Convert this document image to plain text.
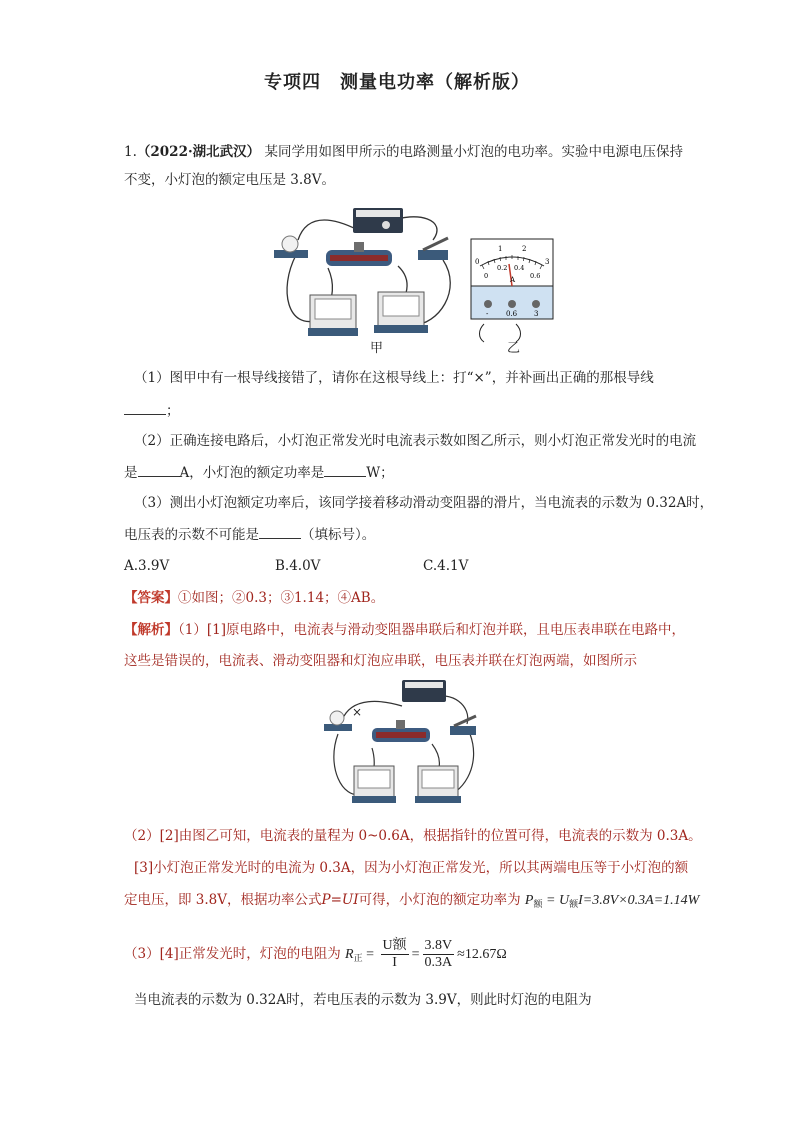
专项四　测量电功率（解析版）
1.（2022·湖北武汉） 某同学用如图甲所示的电路测量小灯泡的电功率。实验中电源电压保持
不变，小灯泡的额定电压是 3.8V。
甲
0
1	2
3
0
0.2 0.4
0.6
A
-	0.6 3
乙
（1）图甲中有一根导线接错了，请你在这根导线上：打“×”，并补画出正确的那根导线
；
（2）正确连接电路后，小灯泡正常发光时电流表示数如图乙所示，则小灯泡正常发光时的电流
是	A，小灯泡的额定功率是	W；
（3）测出小灯泡额定功率后，该同学接着移动滑动变阻器的滑片，当电流表的示数为 0.32A时，
电压表的示数不可能是	（填标号）。
A.3.9V	B.4.0V	C.4.1V
【答案】①如图；②0.3；③1.14；④AB。
【解析】（1）[1]原电路中，电流表与滑动变阻器串联后和灯泡并联，且电压表串联在电路中，
这些是错误的，电流表、滑动变阻器和灯泡应串联，电压表并联在灯泡两端，如图所示
×
（2）[2]由图乙可知，电流表的量程为 0~0.6A，根据指针的位置可得，电流表的示数为 0.3A。
[3]小灯泡正常发光时的电流为 0.3A，因为小灯泡正常发光，所以其两端电压等于小灯泡的额
定电压，即 3.8V，根据功率公式P=UI可得，小灯泡的额定功率为 $P_额 = U_额I=3.8V\times 0.3A=1.14W$
（3）[4]正常发光时，灯泡的电阻为 $R_正 = \frac{\text{U额}}{I} = \frac{3.8V}{0.3A} \approx 12.67\Omega$
当电流表的示数为 0.32A时，若电压表的示数为 3.9V，则此时灯泡的电阻为
